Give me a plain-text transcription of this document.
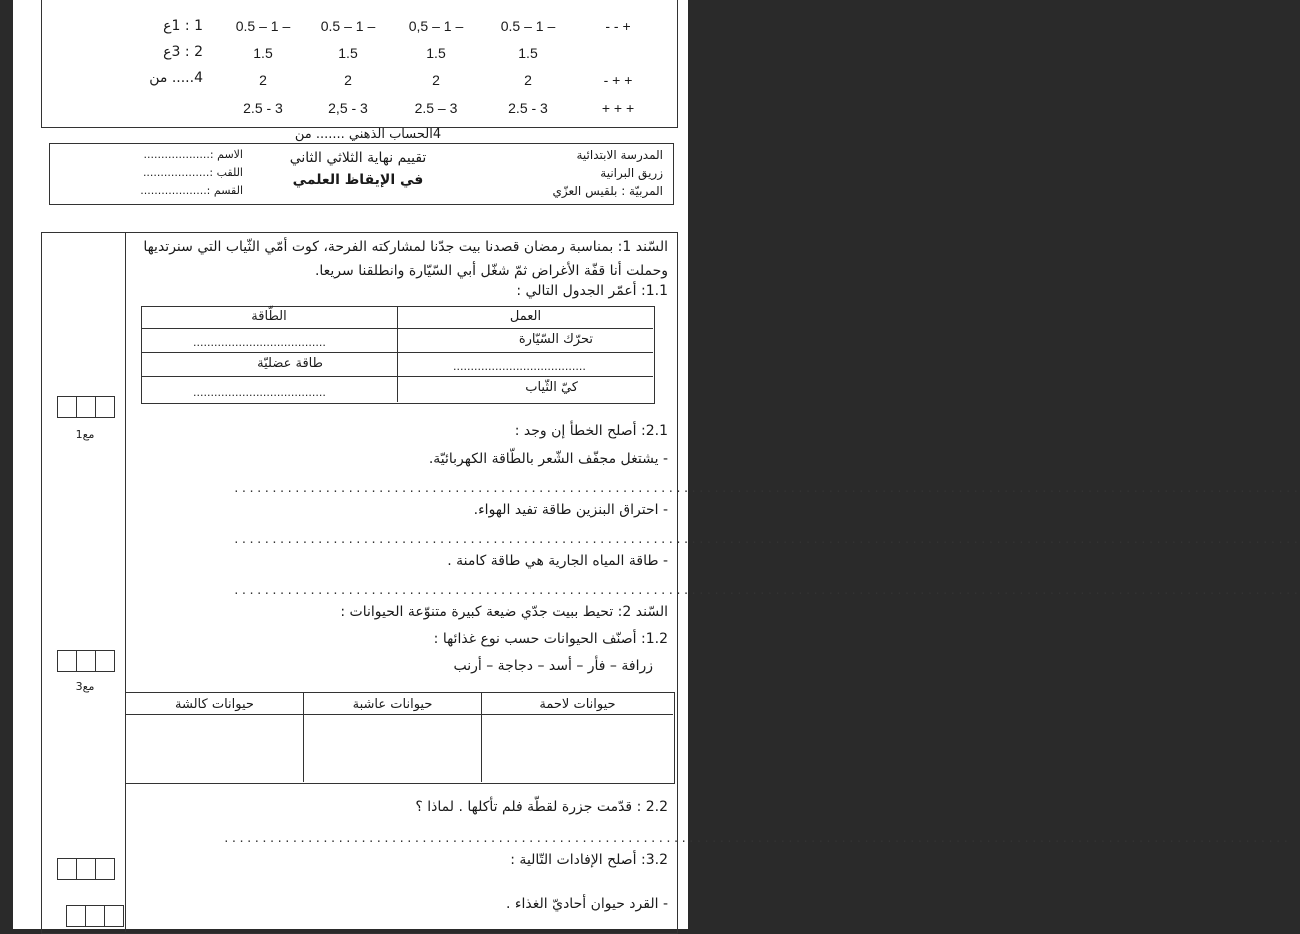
1 : 1ع
2 : 3ع
4..... من
0.5 – 1 –
1.5
2
2.5 - 3
0.5 – 1 –
1.5
2
2,5 - 3
0,5 – 1 –
1.5
2
2.5 – 3
0.5 – 1 –
1.5
2
2.5 - 3
- - +
- + +
+ + +
4الحساب الذهني ....... من
المدرسة الابتدائية
زريق البرانية
المربيّة : بلقيس العزّي
تقييم نهاية الثلاثي الثاني
في الإيقاظ العلمي
الاسم :...................
اللقب :...................
القسم :...................
السّند 1: بمناسبة رمضان قصدنا بيت جدّنا لمشاركته الفرحة، كوت أمّي الثّياب التي سنرتديها وحملت أنا قفّة الأغراض ثمّ شغّل أبي السّيّارة وانطلقنا سريعا.
1.1: أعمّر الجدول التالي :
العمل
الطّاقة
تحرّك السّيّارة
......................................
......................................
طاقة عضليّة
كيّ الثّياب
......................................
مع1	2.1: أصلح الخطأ إن وجد :
- يشتغل مجفّف الشّعر بالطّاقة الكهربائيّة.
............................................................................................................................................
- احتراق البنزين طاقة تفيد الهواء.
............................................................................................................................................
- طاقة المياه الجارية هي طاقة كامنة .
............................................................................................................................................
السّند 2: تحيط ببيت جدّي ضيعة كبيرة متنوّعة الحيوانات :
1.2: أصنّف الحيوانات حسب نوع غذائها :
زرافة – فأر – أسد – دجاجة – أرنب
مع3
حيوانات لاحمة
حيوانات عاشبة
حيوانات كالشة
2.2 : قدّمت جزرة لقطّة فلم تأكلها . لماذا ؟
............................................................................................................................................
3.2: أصلح الإفادات التّالية :
- القرد حيوان أحاديّ الغذاء .
